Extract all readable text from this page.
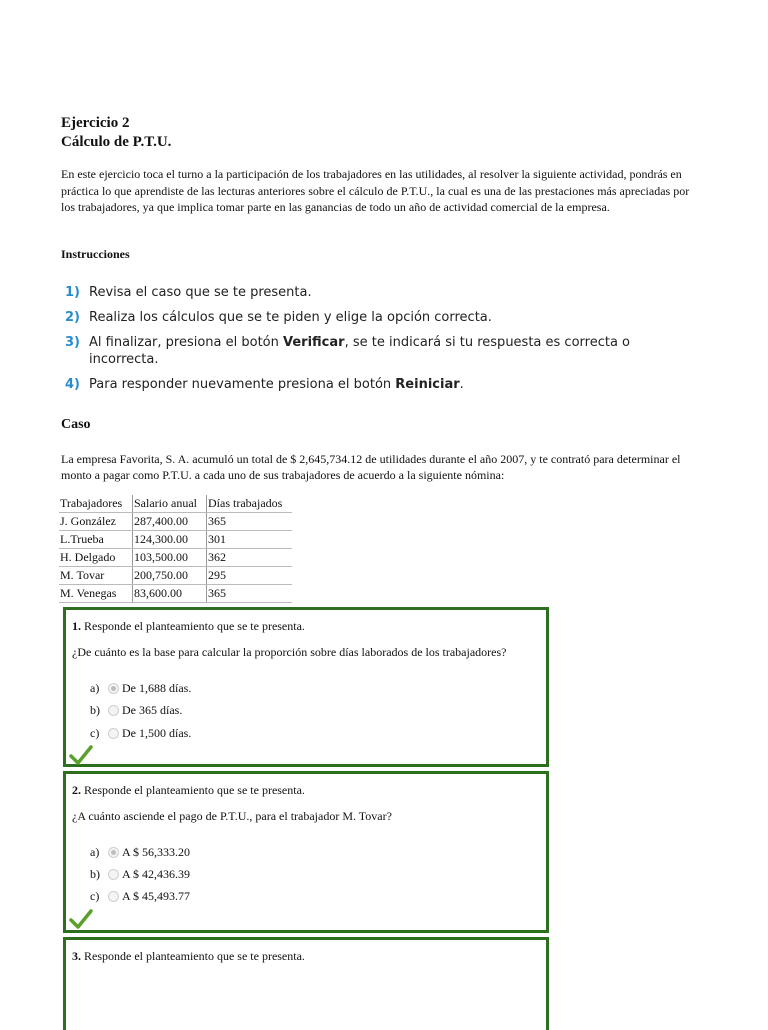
Ejercicio 2
Cálculo de P.T.U.
En este ejercicio toca el turno a la participación de los trabajadores en las utilidades, al resolver la siguiente actividad, pondrás en práctica lo que aprendiste de las lecturas anteriores sobre el cálculo de P.T.U., la cual es una de las prestaciones más apreciadas por los trabajadores, ya que implica tomar parte en las ganancias de todo un año de actividad comercial de la empresa.
Instrucciones
1) Revisa el caso que se te presenta.
2) Realiza los cálculos que se te piden y elige la opción correcta.
3) Al finalizar, presiona el botón Verificar, se te indicará si tu respuesta es correcta o incorrecta.
4) Para responder nuevamente presiona el botón Reiniciar.
Caso
La empresa Favorita, S. A. acumuló un total de $ 2,645,734.12 de utilidades durante el año 2007, y te contrató para determinar el monto a pagar como P.T.U. a cada uno de sus trabajadores de acuerdo a la siguiente nómina:
Trabajadores	Salario anual	Días trabajados
J. González	287,400.00	365
L.Trueba	124,300.00	301
H. Delgado	103,500.00	362
M. Tovar	200,750.00	295
M. Venegas	83,600.00	365
1. Responde el planteamiento que se te presenta.
¿De cuánto es la base para calcular la proporción sobre días laborados de los trabajadores?
a)	De 1,688 días.
b)	De 365 días.
c)	De 1,500 días.
2. Responde el planteamiento que se te presenta.
¿A cuánto asciende el pago de P.T.U., para el trabajador M. Tovar?
a)	A $ 56,333.20
b)	A $ 42,436.39
c)	A $ 45,493.77
3. Responde el planteamiento que se te presenta.
